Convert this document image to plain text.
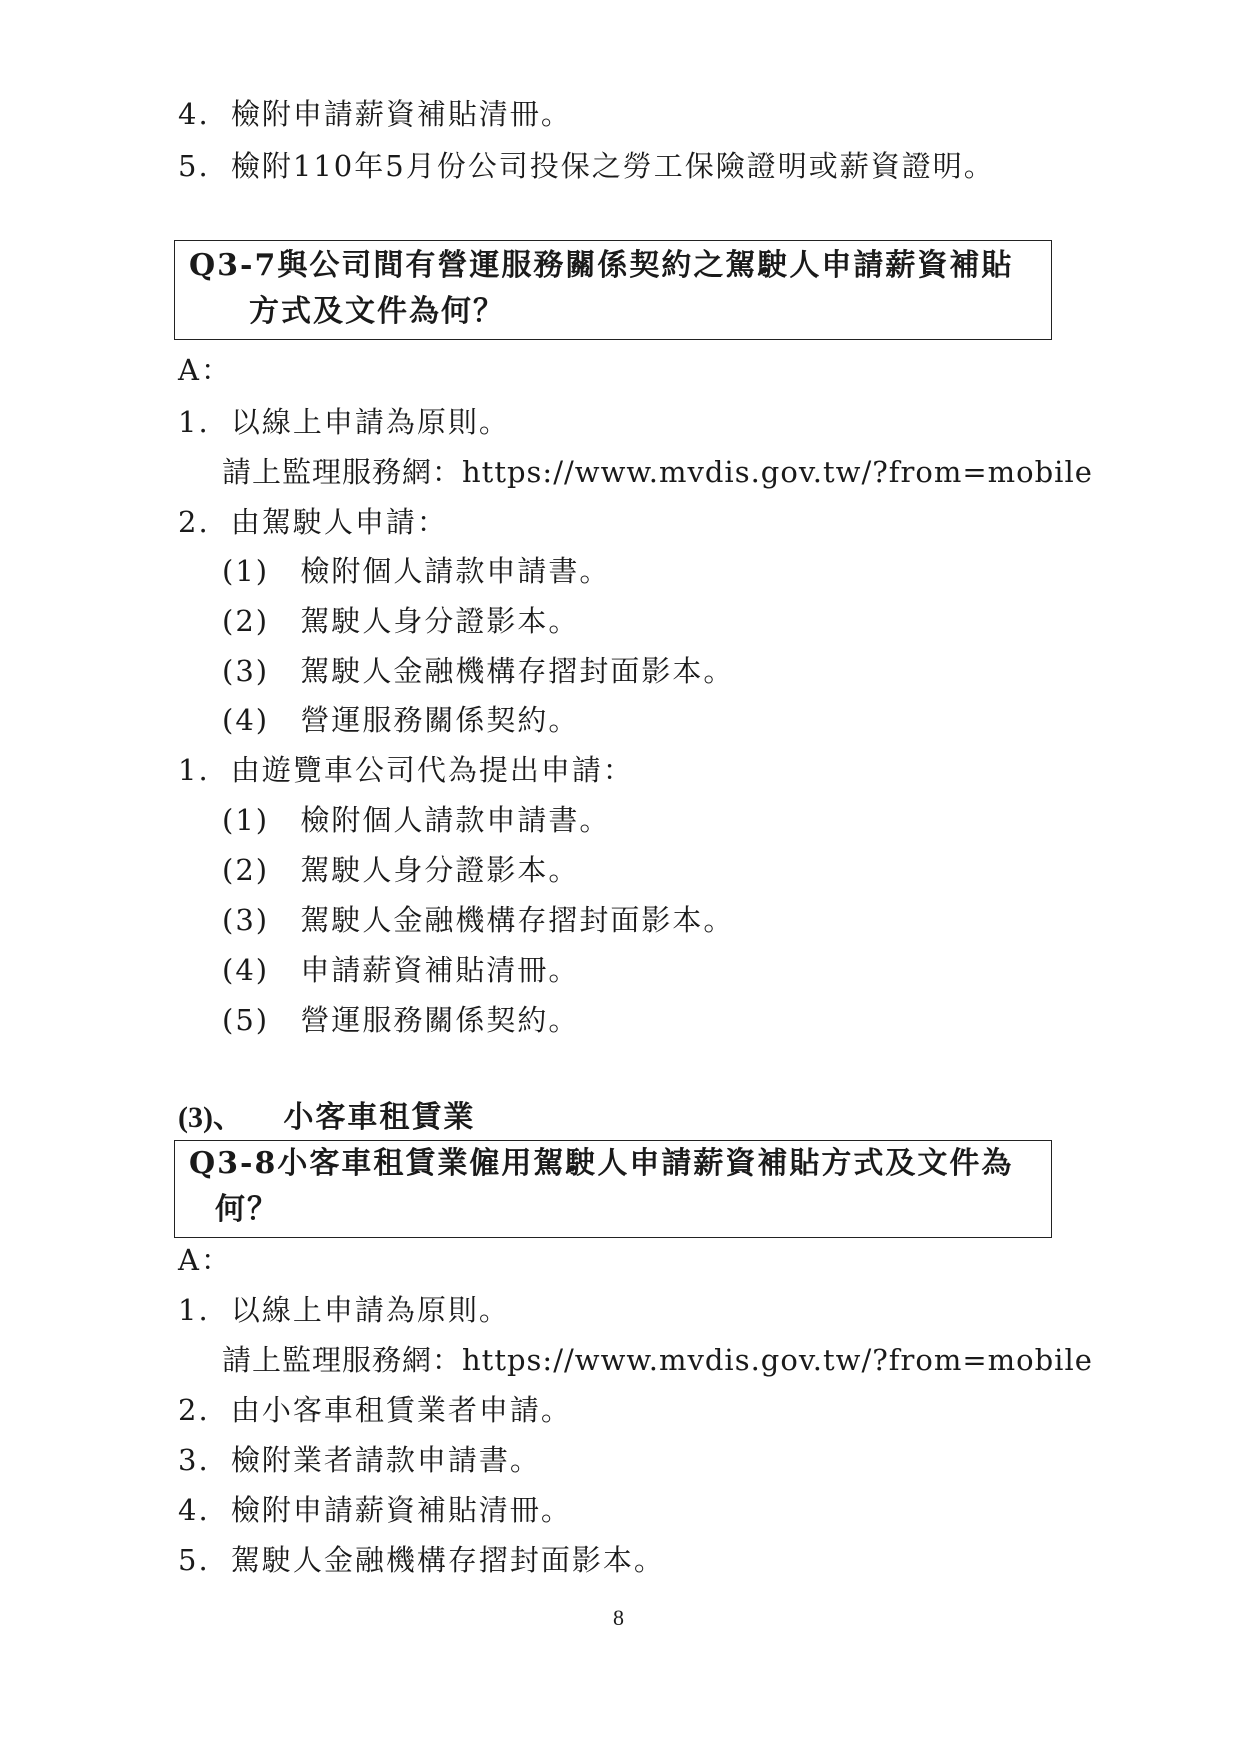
4. 檢附申請薪資補貼清冊。
5. 檢附110年5月份公司投保之勞工保險證明或薪資證明。
Q3-7與公司間有營運服務關係契約之駕駛人申請薪資補貼
方式及文件為何？
A：
1. 以線上申請為原則。
請上監理服務網：https://www.mvdis.gov.tw/?from=mobile
2. 由駕駛人申請：
(1) 檢附個人請款申請書。
(2) 駕駛人身分證影本。
(3) 駕駛人金融機構存摺封面影本。
(4) 營運服務關係契約。
1. 由遊覽車公司代為提出申請：
(1) 檢附個人請款申請書。
(2) 駕駛人身分證影本。
(3) 駕駛人金融機構存摺封面影本。
(4) 申請薪資補貼清冊。
(5) 營運服務關係契約。
(3)、 小客車租賃業
Q3-8小客車租賃業僱用駕駛人申請薪資補貼方式及文件為
何？
A：
1. 以線上申請為原則。
請上監理服務網：https://www.mvdis.gov.tw/?from=mobile
2. 由小客車租賃業者申請。
3. 檢附業者請款申請書。
4. 檢附申請薪資補貼清冊。
5. 駕駛人金融機構存摺封面影本。
8
